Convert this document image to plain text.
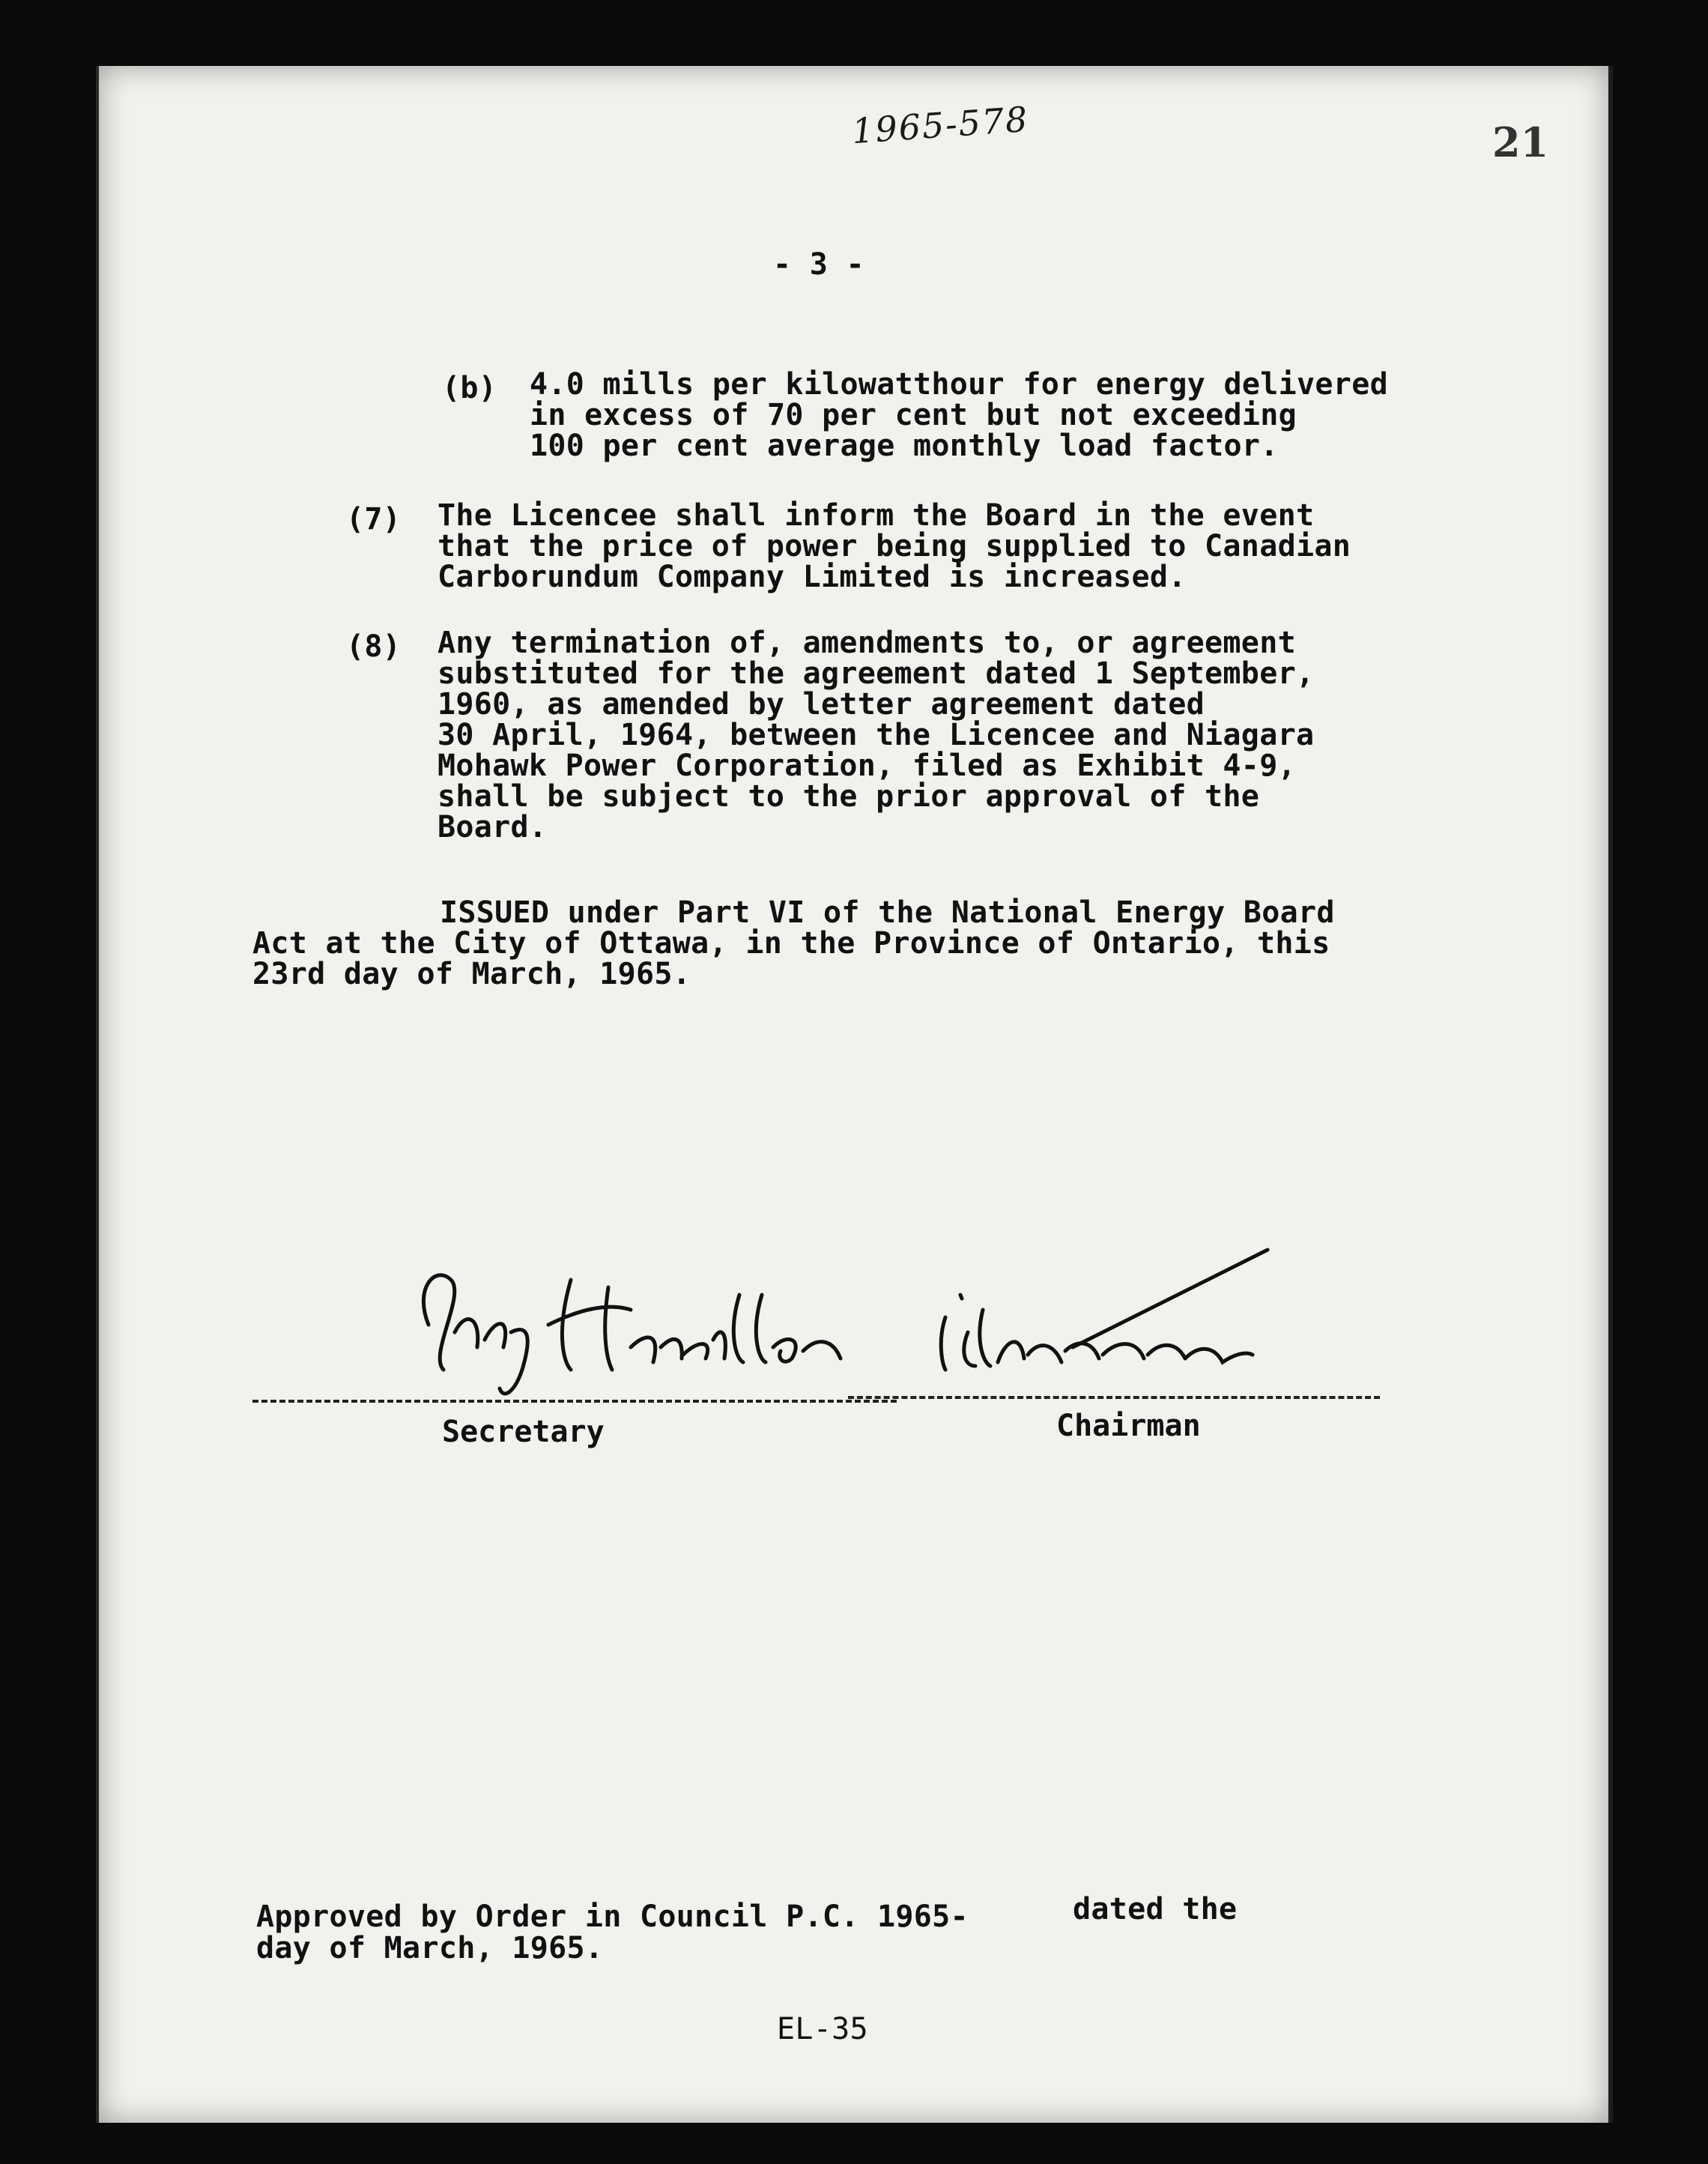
1965-578	21
- 3 -
(b) 4.0 mills per kilowatthour for energy delivered
in excess of 70 per cent but not exceeding
100 per cent average monthly load factor.
(7) The Licencee shall inform the Board in the event
that the price of power being supplied to Canadian
Carborundum Company Limited is increased.
(8) Any termination of, amendments to, or agreement
substituted for the agreement dated 1 September,
1960, as amended by letter agreement dated
30 April, 1964, between the Licencee and Niagara
Mohawk Power Corporation, filed as Exhibit 4-9,
shall be subject to the prior approval of the
Board.
ISSUED under Part VI of the National Energy Board
Act at the City of Ottawa, in the Province of Ontario, this
23rd day of March, 1965.
Secretary	Chairman
Approved by Order in Council P.C. 1965-	dated the
day of March, 1965.
EL-35
